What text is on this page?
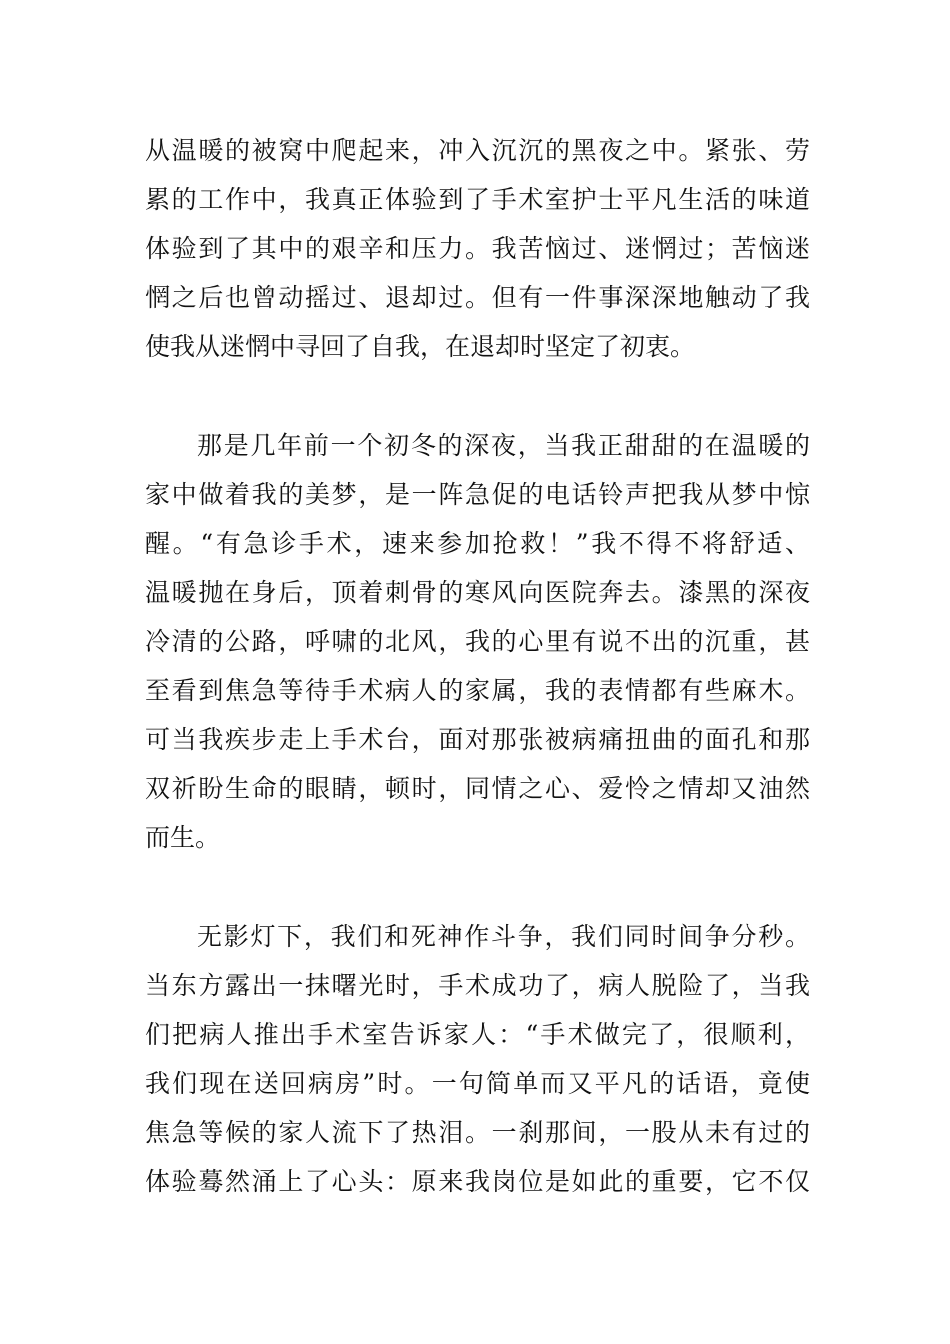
从温暖的被窝中爬起来，冲入沉沉的黑夜之中。紧张、劳
累的工作中，我真正体验到了手术室护士平凡生活的味道
体验到了其中的艰辛和压力。我苦恼过、迷惘过；苦恼迷
惘之后也曾动摇过、退却过。但有一件事深深地触动了我
使我从迷惘中寻回了自我，在退却时坚定了初衷。
那是几年前一个初冬的深夜，当我正甜甜的在温暖的
家中做着我的美梦，是一阵急促的电话铃声把我从梦中惊
醒。“有急诊手术，速来参加抢救！”我不得不将舒适、
温暖抛在身后，顶着刺骨的寒风向医院奔去。漆黑的深夜
冷清的公路，呼啸的北风，我的心里有说不出的沉重，甚
至看到焦急等待手术病人的家属，我的表情都有些麻木。
可当我疾步走上手术台，面对那张被病痛扭曲的面孔和那
双祈盼生命的眼睛，顿时，同情之心、爱怜之情却又油然
而生。
无影灯下，我们和死神作斗争，我们同时间争分秒。
当东方露出一抹曙光时，手术成功了，病人脱险了，当我
们把病人推出手术室告诉家人：“手术做完了，很顺利，
我们现在送回病房”时。一句简单而又平凡的话语，竟使
焦急等候的家人流下了热泪。一刹那间，一股从未有过的
体验蓦然涌上了心头：原来我岗位是如此的重要，它不仅
